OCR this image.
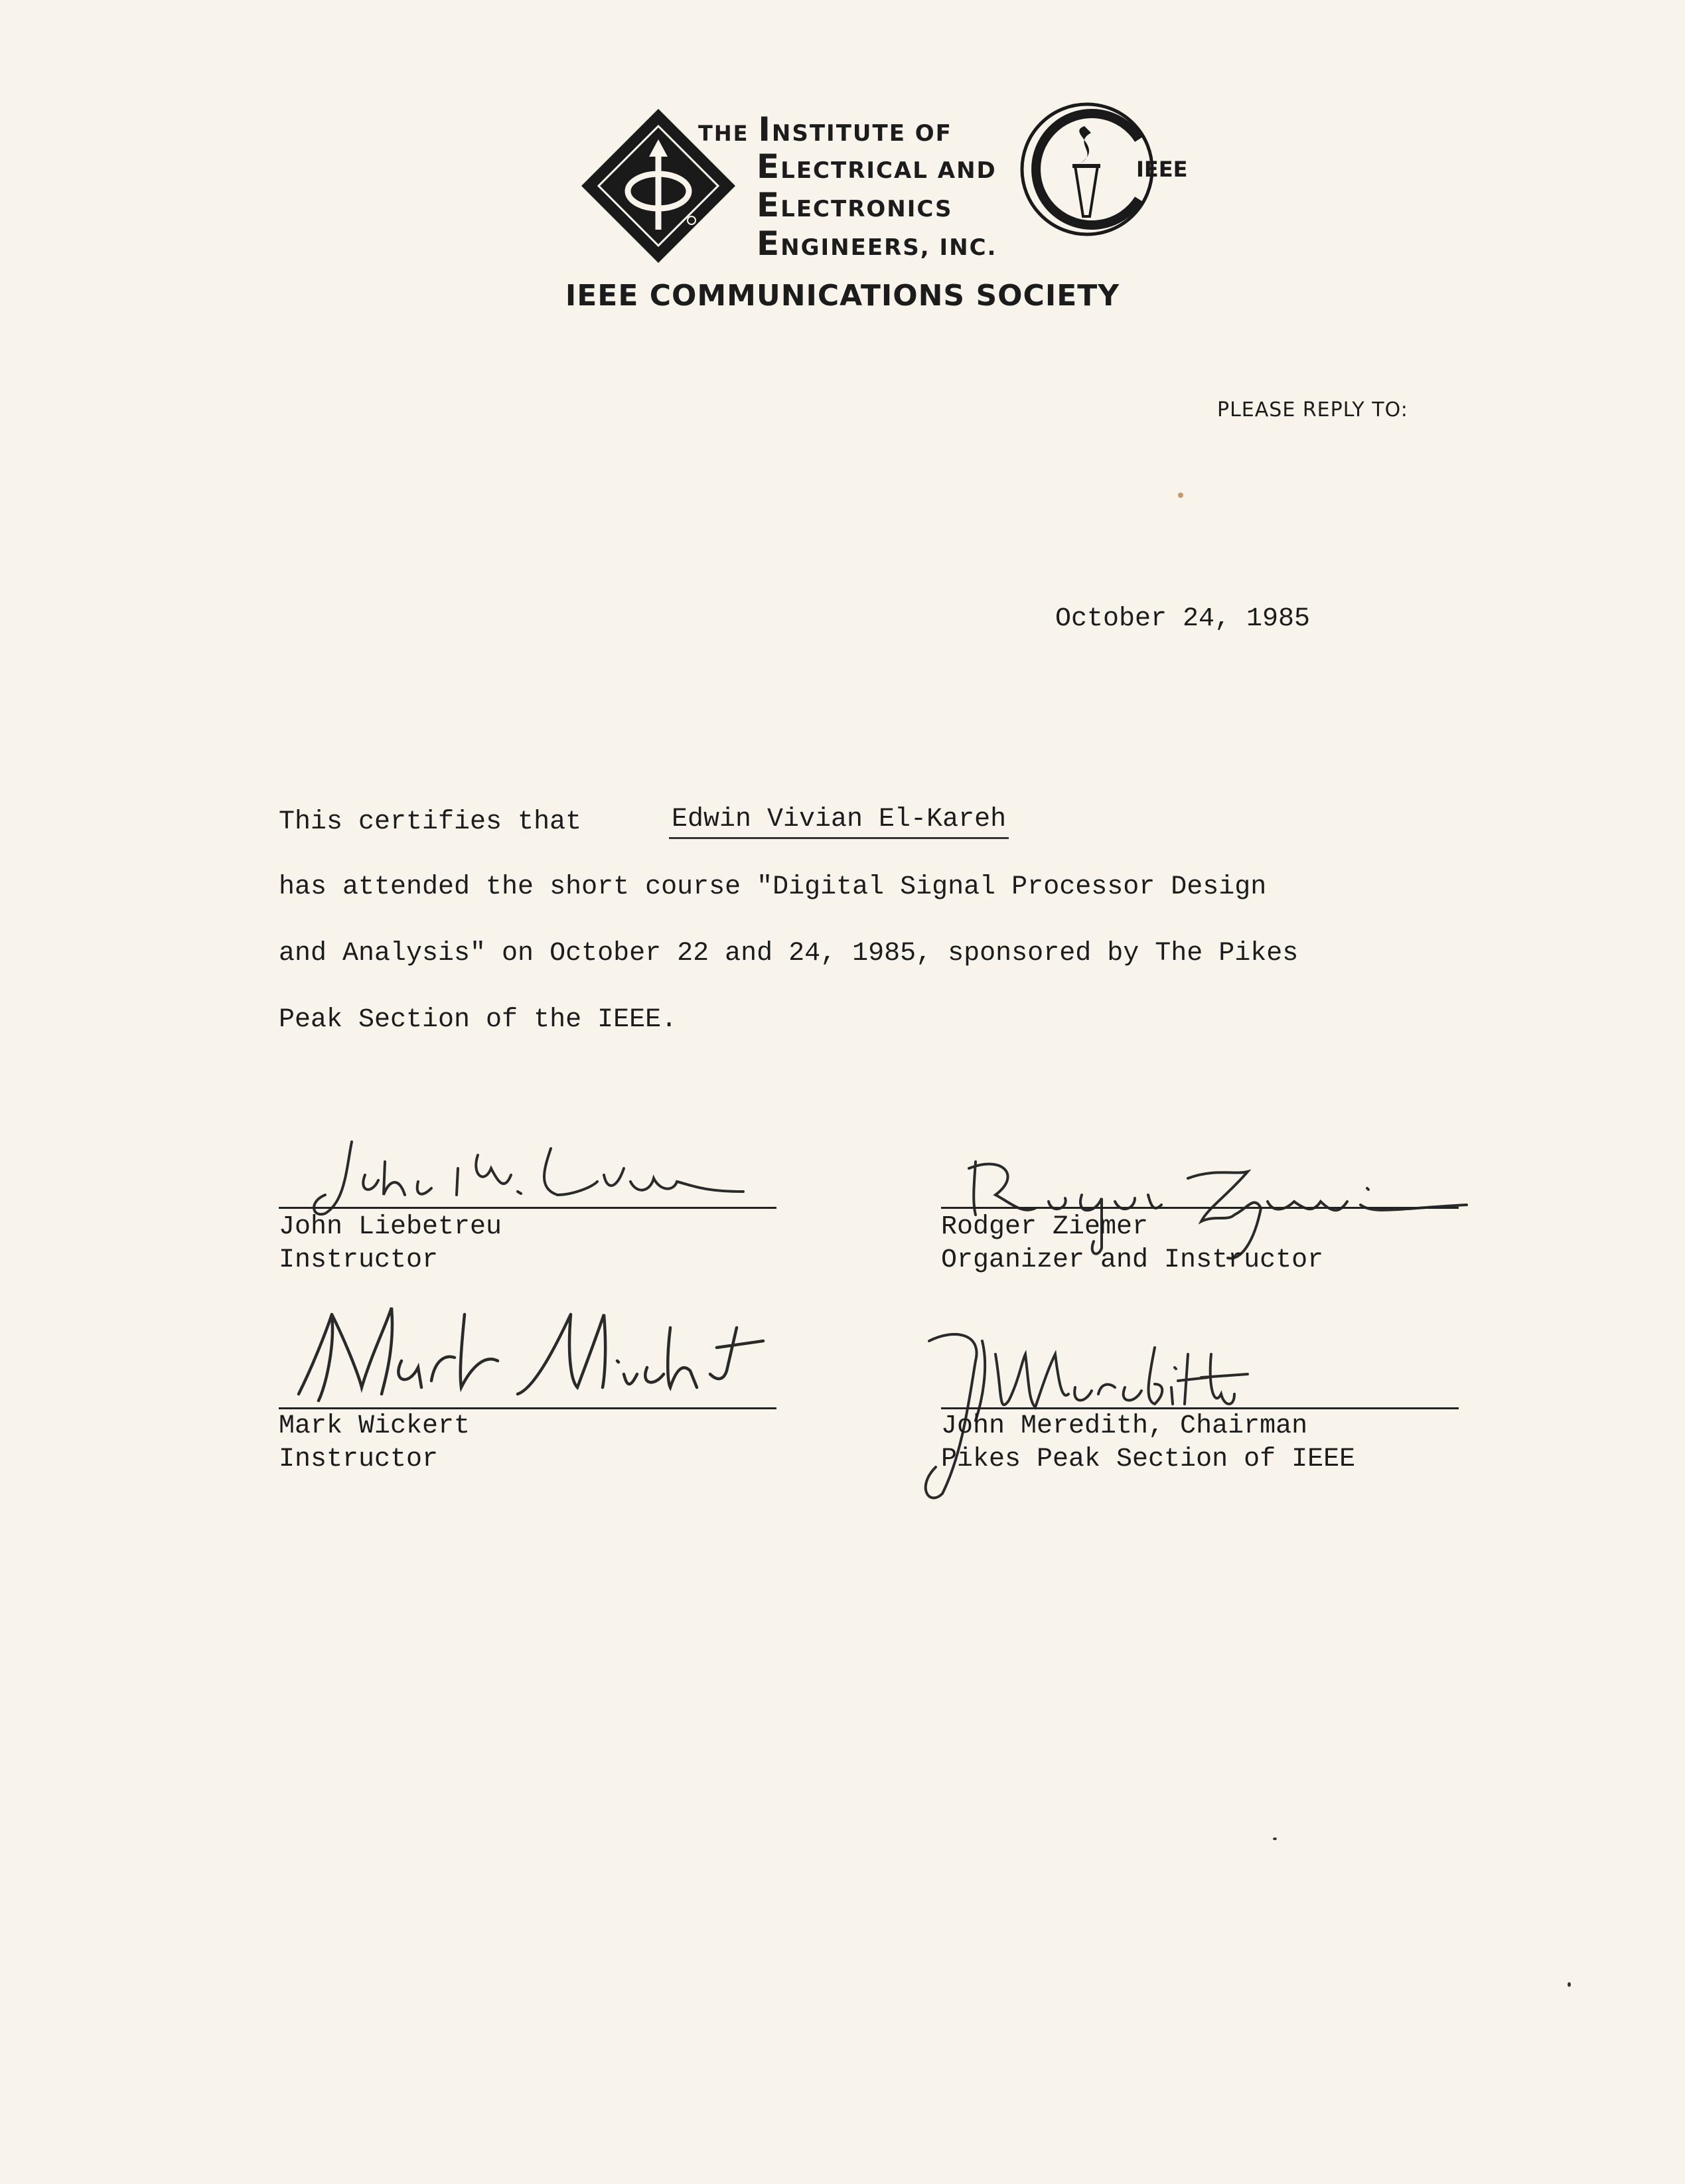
THE INSTITUTE OF
ELECTRICAL AND
ELECTRONICS
ENGINEERS, INC.
IEEE
IEEE COMMUNICATIONS SOCIETY
PLEASE REPLY TO:
October 24, 1985
This certifies that	Edwin Vivian El-Kareh
has attended the short course "Digital Signal Processor Design
and Analysis" on October 22 and 24, 1985, sponsored by The Pikes
Peak Section of the IEEE.
John Liebetreu
Instructor
Rodger Ziemer
Organizer and Instructor
Mark Wickert
Instructor
John Meredith, Chairman
Pikes Peak Section of IEEE
